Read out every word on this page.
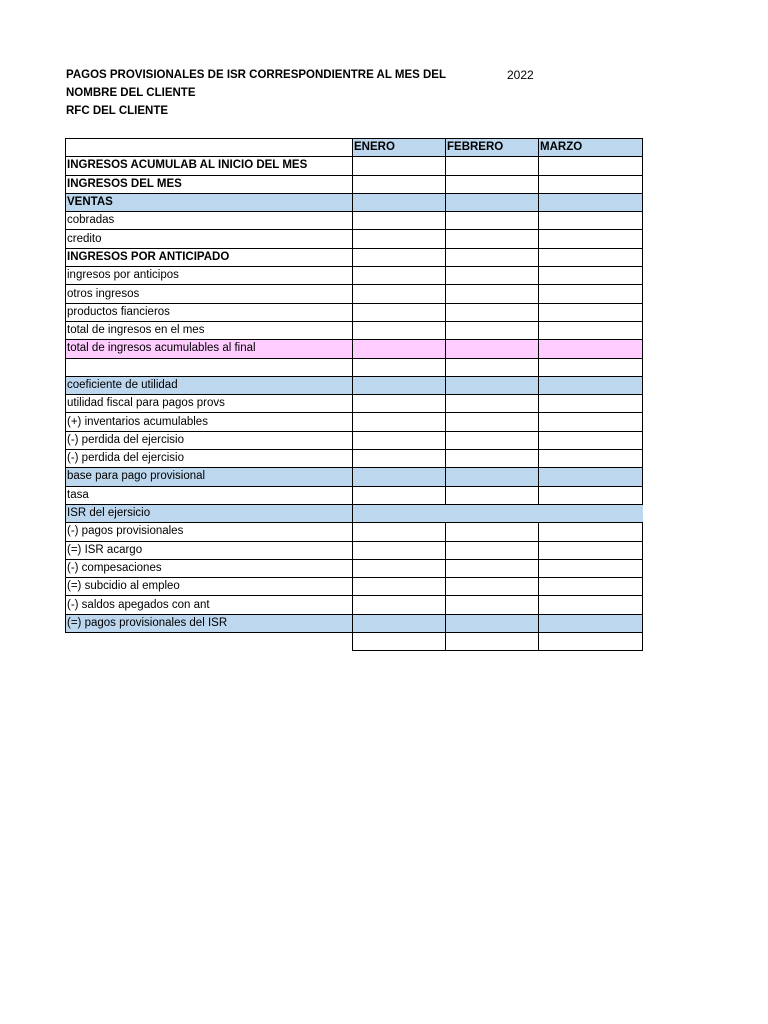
PAGOS PROVISIONALES DE ISR CORRESPONDIENTRE AL MES DEL
NOMBRE DEL CLIENTE
RFC DEL CLIENTE
2022
	ENERO	FEBRERO	MARZO
INGRESOS ACUMULAB AL INICIO DEL MES			
INGRESOS DEL MES			
VENTAS			
cobradas			
credito			
INGRESOS POR ANTICIPADO			
ingresos por anticipos			
otros ingresos			
productos fiancieros			
total de ingresos en el mes			
total de ingresos acumulables al final			

coeficiente de utilidad			
utilidad fiscal para pagos provs			
(+) inventarios acumulables			
(-) perdida del ejercisio			
(-) perdida del ejercisio			
base para pago provisional			
tasa			
ISR del ejersicio			
(-) pagos provisionales			
(=) ISR acargo			
(-) compesaciones			
(=) subcidio al empleo			
(-) saldos apegados con ant			
(=) pagos provisionales del ISR			
